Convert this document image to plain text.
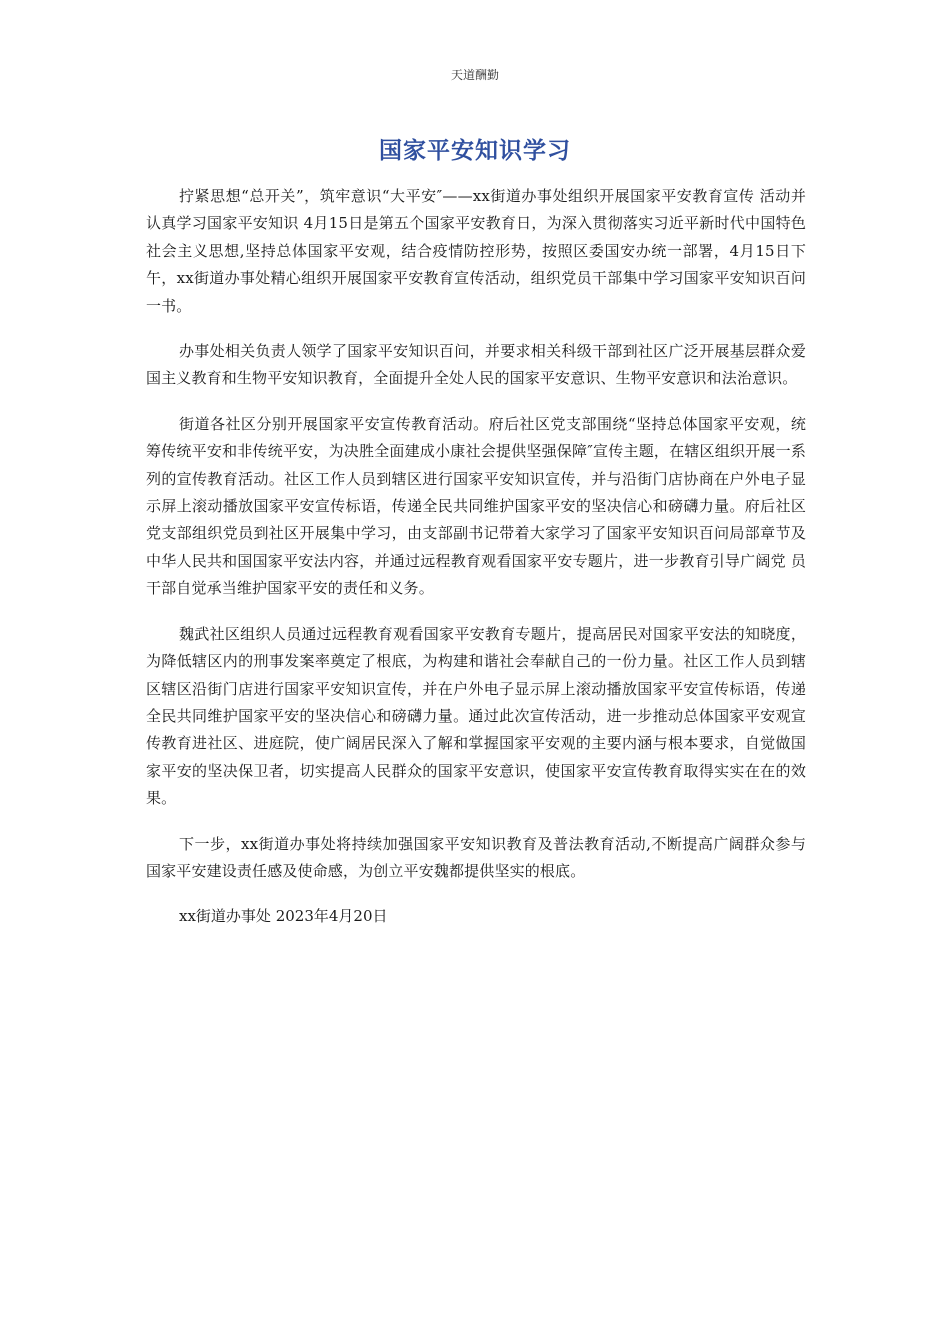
天道酬勤
国家平安知识学习

拧紧思想“总开关”，筑牢意识“大平安″——xx街道办事处组织开展国家平安教育宣传 活动并认真学习国家平安知识 4月15日是第五个国家平安教育日，为深入贯彻落实习近平新时代中国特色社会主义思想,坚持总体国家平安观，结合疫情防控形势，按照区委国安办统一部署，4月15日下午，xx街道办事处精心组织开展国家平安教育宣传活动，组织党员干部集中学习国家平安知识百问一书。

办事处相关负责人领学了国家平安知识百问，并要求相关科级干部到社区广泛开展基层群众爱国主义教育和生物平安知识教育，全面提升全处人民的国家平安意识、生物平安意识和法治意识。

街道各社区分别开展国家平安宣传教育活动。府后社区党支部围绕“坚持总体国家平安观，统筹传统平安和非传统平安，为决胜全面建成小康社会提供坚强保障″宣传主题，在辖区组织开展一系列的宣传教育活动。社区工作人员到辖区进行国家平安知识宣传，并与沿街门店协商在户外电子显示屏上滚动播放国家平安宣传标语，传递全民共同维护国家平安的坚决信心和磅礴力量。府后社区党支部组织党员到社区开展集中学习，由支部副书记带着大家学习了国家平安知识百问局部章节及中华人民共和国国家平安法内容，并通过远程教育观看国家平安专题片，进一步教育引导广阔党 员干部自觉承当维护国家平安的责任和义务。

魏武社区组织人员通过远程教育观看国家平安教育专题片，提高居民对国家平安法的知晓度，为降低辖区内的刑事发案率奠定了根底，为构建和谐社会奉献自己的一份力量。社区工作人员到辖区辖区沿街门店进行国家平安知识宣传，并在户外电子显示屏上滚动播放国家平安宣传标语，传递全民共同维护国家平安的坚决信心和磅礴力量。通过此次宣传活动，进一步推动总体国家平安观宣传教育进社区、进庭院，使广阔居民深入了解和掌握国家平安观的主要内涵与根本要求，自觉做国家平安的坚决保卫者，切实提高人民群众的国家平安意识，使国家平安宣传教育取得实实在在的效果。

下一步，xx街道办事处将持续加强国家平安知识教育及普法教育活动,不断提高广阔群众参与国家平安建设责任感及使命感，为创立平安魏都提供坚实的根底。

xx街道办事处 2023年4月20日
